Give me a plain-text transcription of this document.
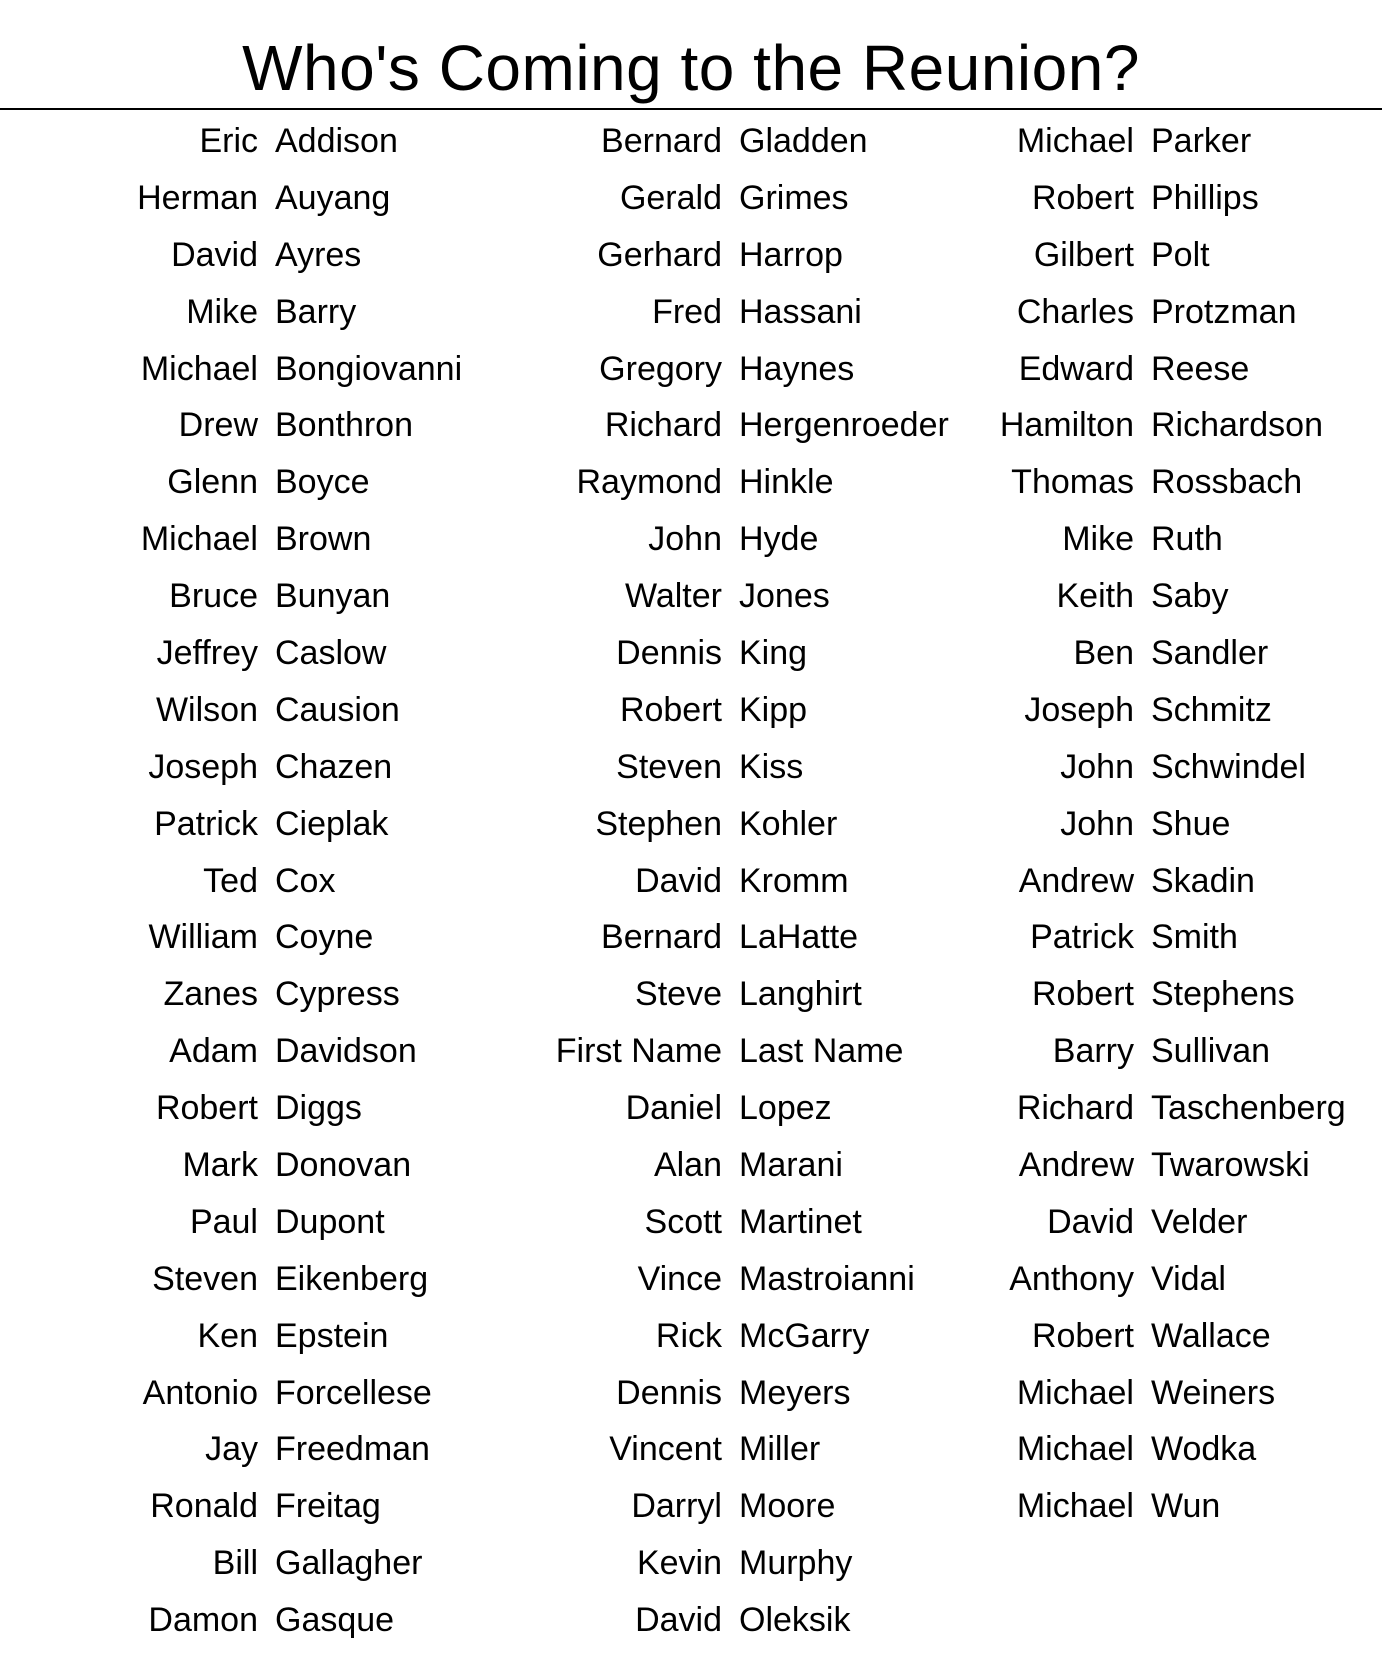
Who's Coming to the Reunion?
Eric Addison
Herman Auyang
David Ayres
Mike Barry
Michael Bongiovanni
Drew Bonthron
Glenn Boyce
Michael Brown
Bruce Bunyan
Jeffrey Caslow
Wilson Causion
Joseph Chazen
Patrick Cieplak
Ted Cox
William Coyne
Zanes Cypress
Adam Davidson
Robert Diggs
Mark Donovan
Paul Dupont
Steven Eikenberg
Ken Epstein
Antonio Forcellese
Jay Freedman
Ronald Freitag
Bill Gallagher
Damon Gasque
Bernard Gladden
Gerald Grimes
Gerhard Harrop
Fred Hassani
Gregory Haynes
Richard Hergenroeder
Raymond Hinkle
John Hyde
Walter Jones
Dennis King
Robert Kipp
Steven Kiss
Stephen Kohler
David Kromm
Bernard LaHatte
Steve Langhirt
First Name Last Name
Daniel Lopez
Alan Marani
Scott Martinet
Vince Mastroianni
Rick McGarry
Dennis Meyers
Vincent Miller
Darryl Moore
Kevin Murphy
David Oleksik
Michael Parker
Robert Phillips
Gilbert Polt
Charles Protzman
Edward Reese
Hamilton Richardson
Thomas Rossbach
Mike Ruth
Keith Saby
Ben Sandler
Joseph Schmitz
John Schwindel
John Shue
Andrew Skadin
Patrick Smith
Robert Stephens
Barry Sullivan
Richard Taschenberg
Andrew Twarowski
David Velder
Anthony Vidal
Robert Wallace
Michael Weiners
Michael Wodka
Michael Wun
